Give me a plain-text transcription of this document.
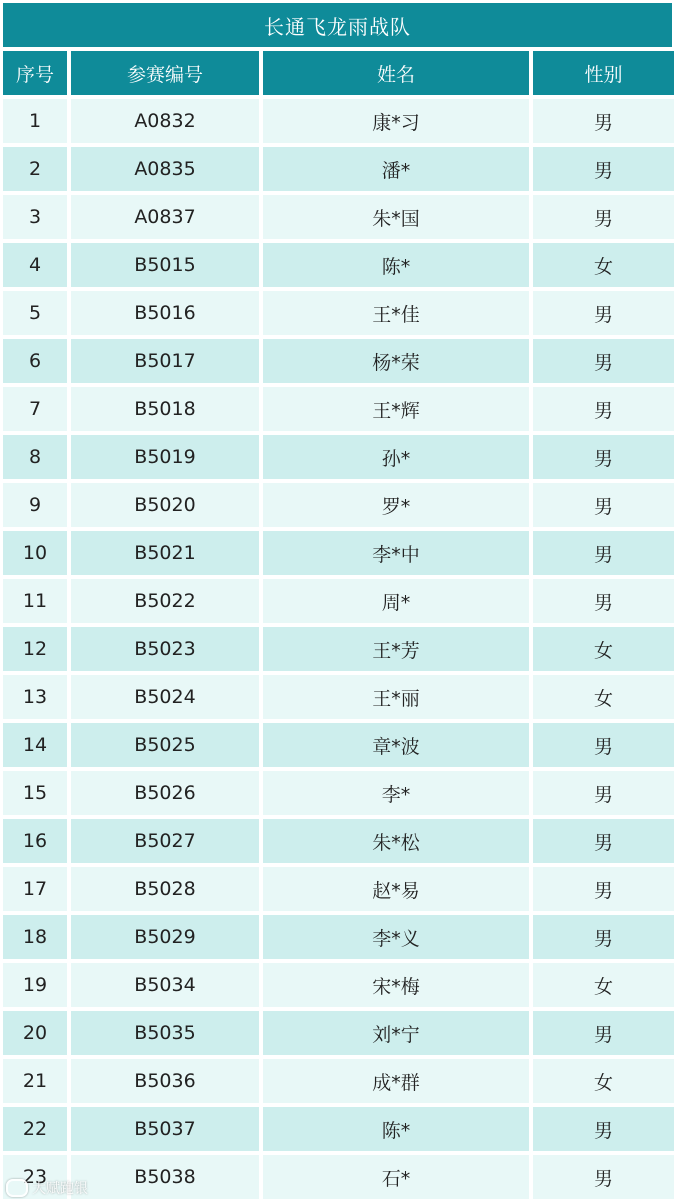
长通飞龙雨战队
序号	参赛编号	姓名	性别
1	A0832	康*习	男
2	A0835	潘*	男
3	A0837	朱*国	男
4	B5015	陈*	女
5	B5016	王*佳	男
6	B5017	杨*荣	男
7	B5018	王*辉	男
8	B5019	孙*	男
9	B5020	罗*	男
10	B5021	李*中	男
11	B5022	周*	男
12	B5023	王*芳	女
13	B5024	王*丽	女
14	B5025	章*波	男
15	B5026	李*	男
16	B5027	朱*松	男
17	B5028	赵*易	男
18	B5029	李*义	男
19	B5034	宋*梅	女
20	B5035	刘*宁	男
21	B5036	成*群	女
22	B5037	陈*	男
23	B5038	石*	男
大赋跑银
